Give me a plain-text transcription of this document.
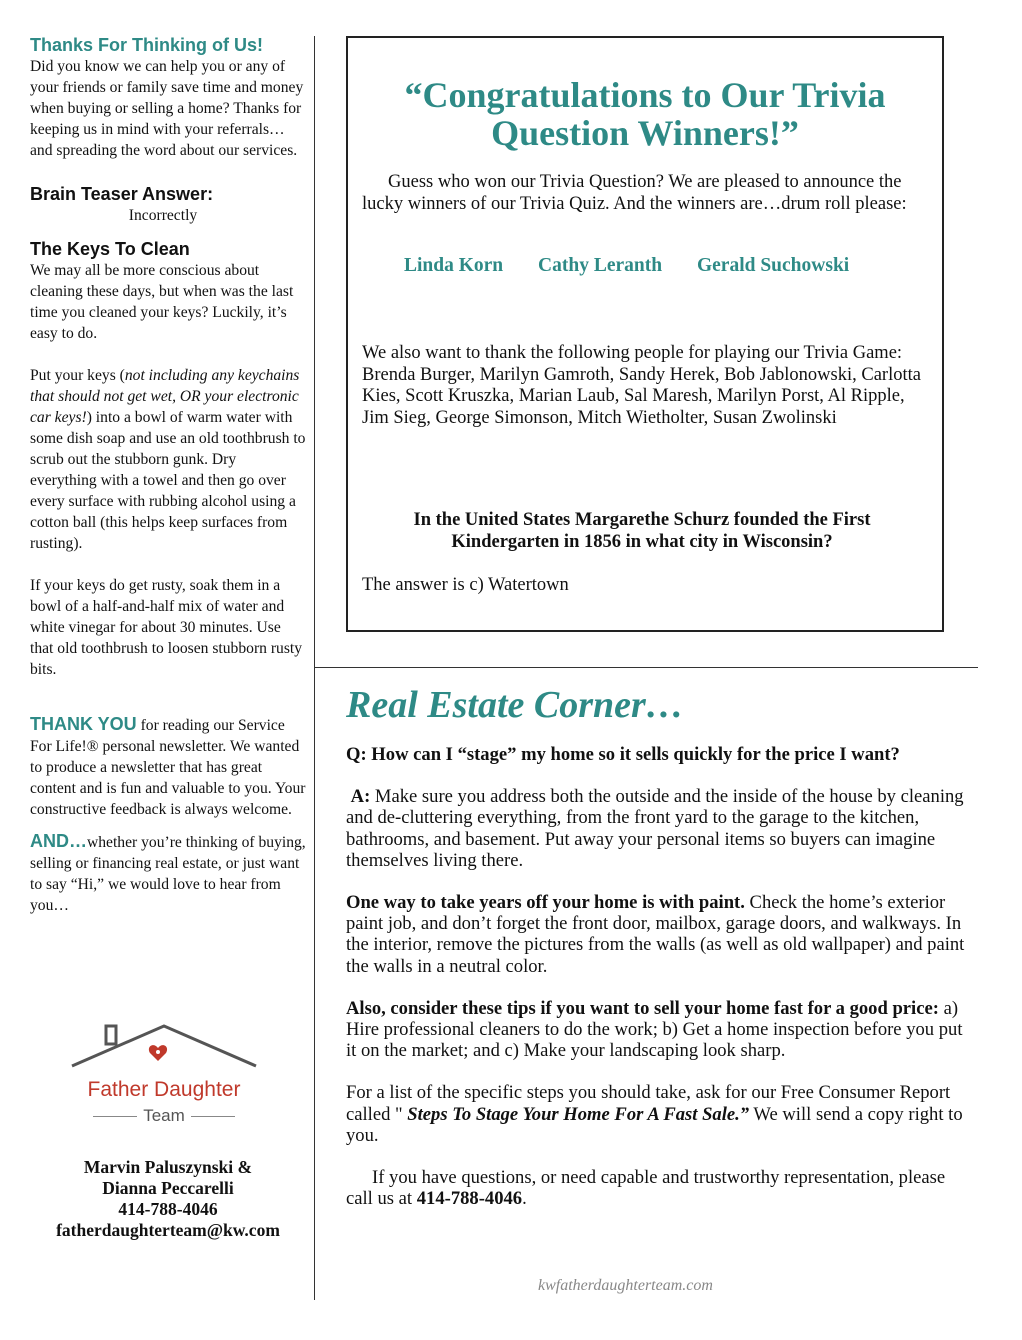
Thanks For Thinking of Us!

Did you know we can help you or any of your friends or family save time and money when buying or selling a home? Thanks for keeping us in mind with your referrals…and spreading the word about our services.

Brain Teaser Answer:

Incorrectly

The Keys To Clean

We may all be more conscious about cleaning these days, but when was the last time you cleaned your keys? Luckily, it’s easy to do.

Put your keys (not including any keychains that should not get wet, OR your electronic car keys!) into a bowl of warm water with some dish soap and use an old toothbrush to scrub out the stubborn gunk. Dry everything with a towel and then go over every surface with rubbing alcohol using a cotton ball (this helps keep surfaces from rusting).

If your keys do get rusty, soak them in a bowl of a half-and-half mix of water and white vinegar for about 30 minutes. Use that old toothbrush to loosen stubborn rusty bits.

THANK YOU for reading our Service For Life!® personal newsletter. We wanted to produce a newsletter that has great content and is fun and valuable to you. Your constructive feedback is always welcome.

AND…whether you’re thinking of buying, selling or financing real estate, or just want to say “Hi,” we would love to hear from you…

Father Daughter
Team
Marvin Paluszynski &
Dianna Peccarelli
414-788-4046
fatherdaughterteam@kw.com
“Congratulations to Our Trivia Question Winners!”

Guess who won our Trivia Question? We are pleased to announce the lucky winners of our Trivia Quiz. And the winners are…drum roll please:

Linda Korn Cathy Leranth Gerald Suchowski

We also want to thank the following people for playing our Trivia Game: Brenda Burger, Marilyn Gamroth, Sandy Herek, Bob Jablonowski, Carlotta Kies, Scott Kruszka, Marian Laub, Sal Maresh, Marilyn Porst, Al Ripple, Jim Sieg, George Simonson, Mitch Wietholter, Susan Zwolinski

In the United States Margarethe Schurz founded the First Kindergarten in 1856 in what city in Wisconsin?

The answer is c) Watertown

Real Estate Corner…

Q: How can I “stage” my home so it sells quickly for the price I want?

A: Make sure you address both the outside and the inside of the house by cleaning and de-cluttering everything, from the front yard to the garage to the kitchen, bathrooms, and basement. Put away your personal items so buyers can imagine themselves living there.

One way to take years off your home is with paint. Check the home’s exterior paint job, and don’t forget the front door, mailbox, garage doors, and walkways. In the interior, remove the pictures from the walls (as well as old wallpaper) and paint the walls in a neutral color.

Also, consider these tips if you want to sell your home fast for a good price: a) Hire professional cleaners to do the work; b) Get a home inspection before you put it on the market; and c) Make your landscaping look sharp.

For a list of the specific steps you should take, ask for our Free Consumer Report called " Steps To Stage Your Home For A Fast Sale.” We will send a copy right to you.

If you have questions, or need capable and trustworthy representation, please call us at 414-788-4046.

kwfatherdaughterteam.com
